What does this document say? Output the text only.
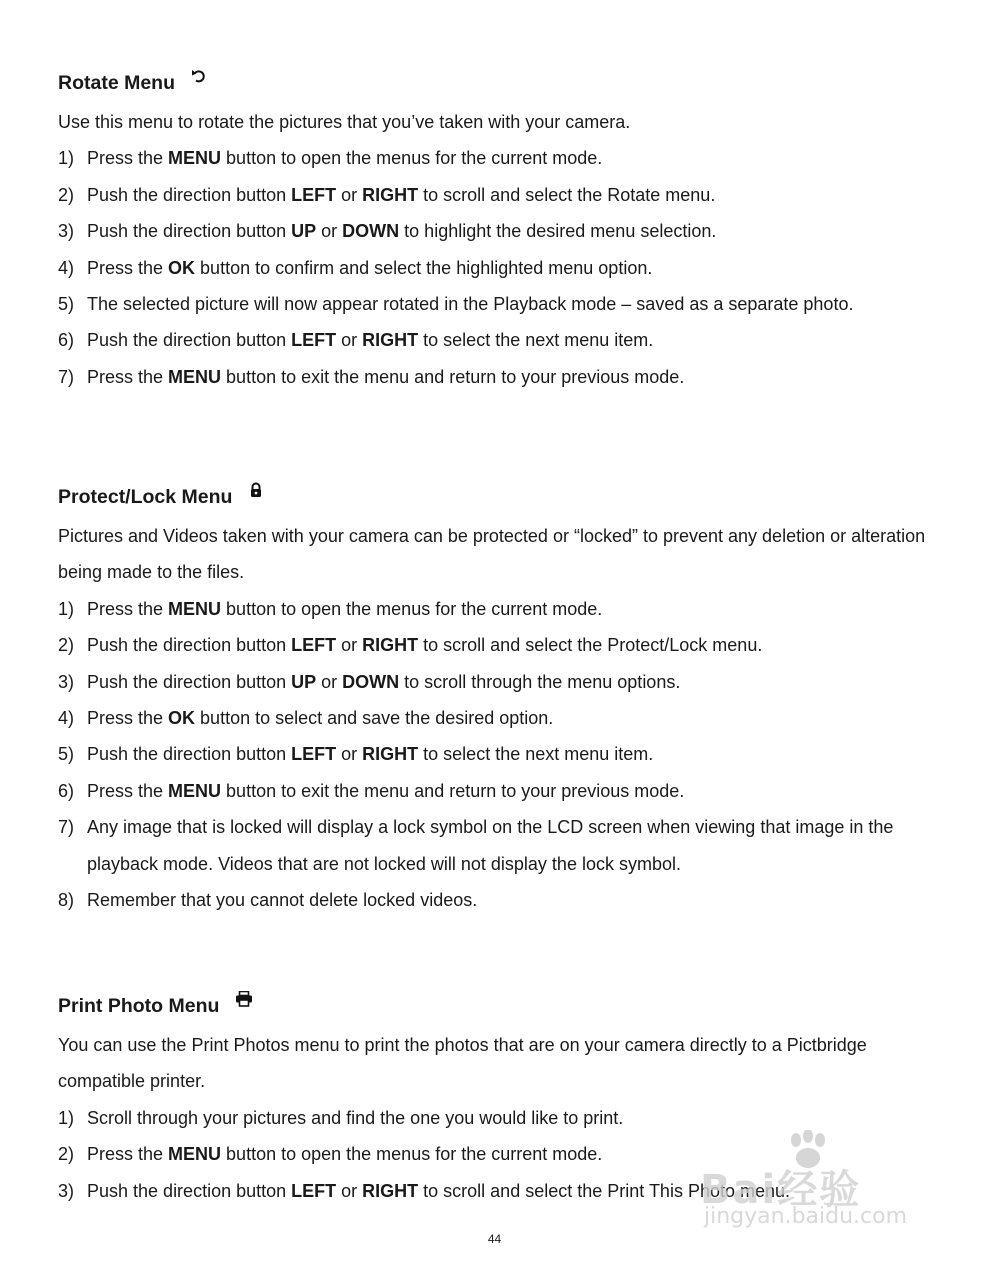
Rotate Menu

Use this menu to rotate the pictures that you’ve taken with your camera.

1) Press the MENU button to open the menus for the current mode.
2) Push the direction button LEFT or RIGHT to scroll and select the Rotate menu.
3) Push the direction button UP or DOWN to highlight the desired menu selection.
4) Press the OK button to confirm and select the highlighted menu option.
5) The selected picture will now appear rotated in the Playback mode – saved as a separate photo.
6) Push the direction button LEFT or RIGHT to select the next menu item.
7) Press the MENU button to exit the menu and return to your previous mode.
Protect/Lock Menu

Pictures and Videos taken with your camera can be protected or “locked” to prevent any deletion or alteration being made to the files.

1) Press the MENU button to open the menus for the current mode.
2) Push the direction button LEFT or RIGHT to scroll and select the Protect/Lock menu.
3) Push the direction button UP or DOWN to scroll through the menu options.
4) Press the OK button to select and save the desired option.
5) Push the direction button LEFT or RIGHT to select the next menu item.
6) Press the MENU button to exit the menu and return to your previous mode.
7) Any image that is locked will display a lock symbol on the LCD screen when viewing that image in the playback mode. Videos that are not locked will not display the lock symbol.
8) Remember that you cannot delete locked videos.
Print Photo Menu

You can use the Print Photos menu to print the photos that are on your camera directly to a Pictbridge compatible printer.

1) Scroll through your pictures and find the one you would like to print.
2) Press the MENU button to open the menus for the current mode.
3) Push the direction button LEFT or RIGHT to scroll and select the Print This Photo menu.
Bai经验
jingyan.baidu.com
44
